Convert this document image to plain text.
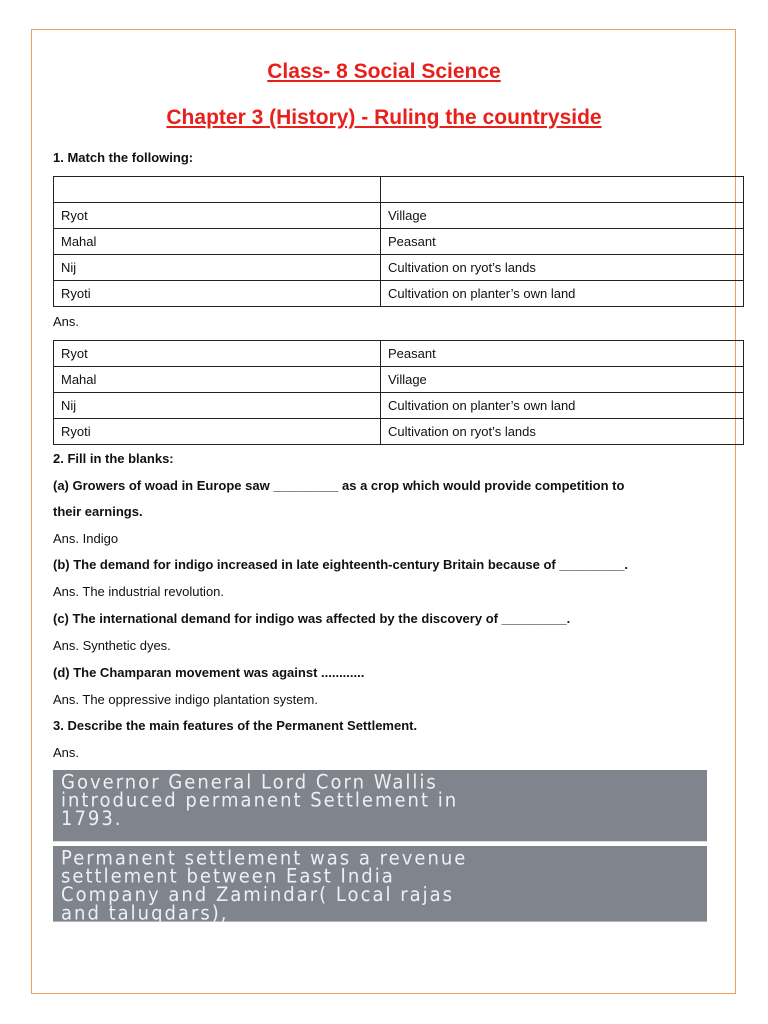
Class- 8 Social Science
Chapter 3 (History) - Ruling the countryside
1. Match the following:

Ryot	Village
Mahal	Peasant
Nij	Cultivation on ryot’s lands
Ryoti	Cultivation on planter’s own land
Ans.
Ryot	Peasant
Mahal	Village
Nij	Cultivation on planter’s own land
Ryoti	Cultivation on ryot’s lands
2. Fill in the blanks:
(a) Growers of woad in Europe saw _________ as a crop which would provide competition to
their earnings.
Ans. Indigo
(b) The demand for indigo increased in late eighteenth-century Britain because of _________.
Ans. The industrial revolution.
(c) The international demand for indigo was affected by the discovery of _________.
Ans. Synthetic dyes.
(d) The Champaran movement was against ............
Ans. The oppressive indigo plantation system.
3. Describe the main features of the Permanent Settlement.
Ans.
Governor General Lord Corn Wallis
introduced permanent Settlement in
1793.
Permanent settlement was a revenue
settlement between East India
Company and Zamindar( Local rajas
and taluqdars),
